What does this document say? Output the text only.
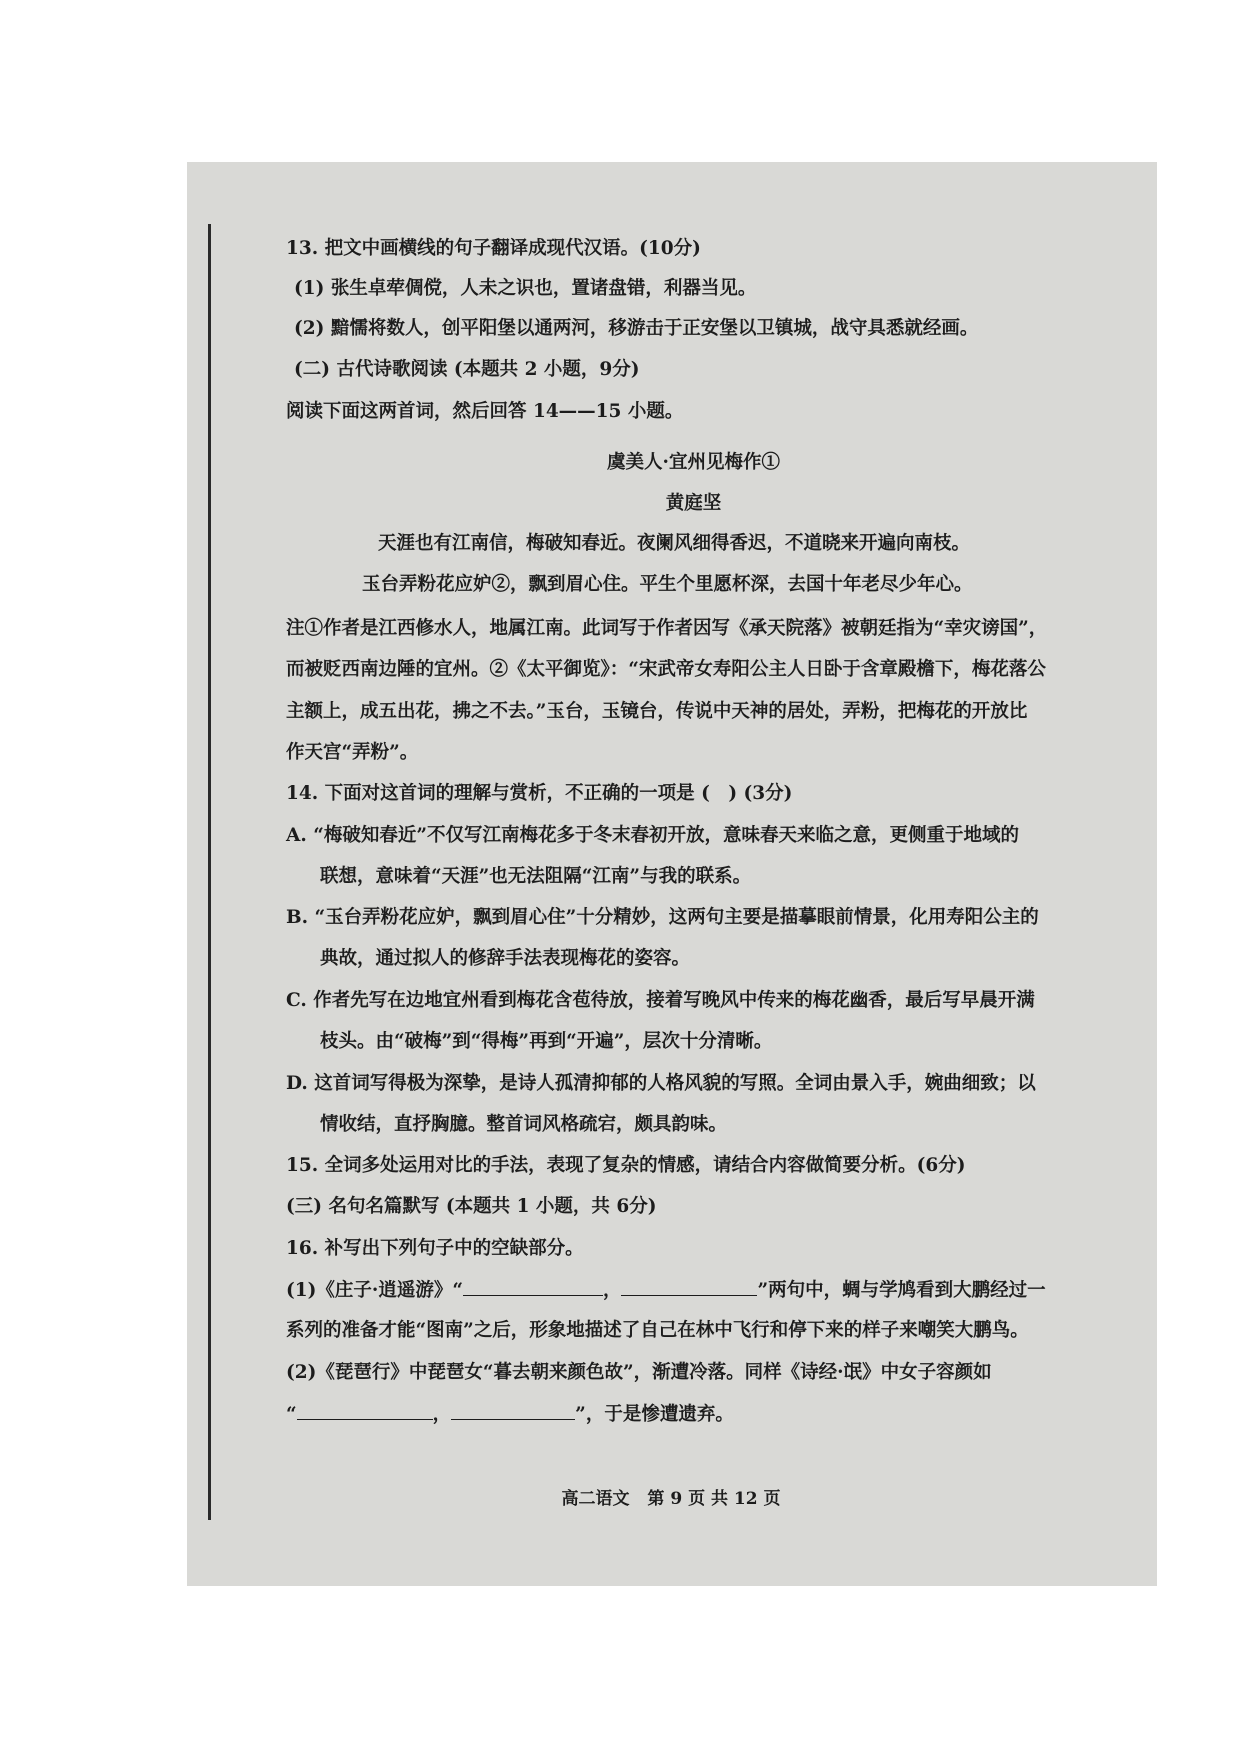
13. 把文中画横线的句子翻译成现代汉语。(10分)
(1) 张生卓荦倜傥，人未之识也，置诸盘错，利器当见。
(2) 黯懦将数人，创平阳堡以通两河，移游击于正安堡以卫镇城，战守具悉就经画。
(二) 古代诗歌阅读 (本题共 2 小题，9分)
阅读下面这两首词，然后回答 14——15 小题。
虞美人·宜州见梅作①
黄庭坚
天涯也有江南信，梅破知春近。夜阑风细得香迟，不道晓来开遍向南枝。
玉台弄粉花应妒②，飘到眉心住。平生个里愿杯深，去国十年老尽少年心。
注①作者是江西修水人，地属江南。此词写于作者因写《承天院落》被朝廷指为“幸灾谤国”，
而被贬西南边陲的宜州。②《太平御览》：“宋武帝女寿阳公主人日卧于含章殿檐下，梅花落公
主额上，成五出花，拂之不去。”玉台，玉镜台，传说中天神的居处，弄粉，把梅花的开放比
作天宫“弄粉”。
14. 下面对这首词的理解与赏析，不正确的一项是 (　) (3分)
A. “梅破知春近”不仅写江南梅花多于冬末春初开放，意味春天来临之意，更侧重于地域的
联想，意味着“天涯”也无法阻隔“江南”与我的联系。
B. “玉台弄粉花应妒，飘到眉心住”十分精妙，这两句主要是描摹眼前情景，化用寿阳公主的
典故，通过拟人的修辞手法表现梅花的姿容。
C. 作者先写在边地宜州看到梅花含苞待放，接着写晚风中传来的梅花幽香，最后写早晨开满
枝头。由“破梅”到“得梅”再到“开遍”，层次十分清晰。
D. 这首词写得极为深挚，是诗人孤清抑郁的人格风貌的写照。全词由景入手，婉曲细致；以
情收结，直抒胸臆。整首词风格疏宕，颇具韵味。
15. 全词多处运用对比的手法，表现了复杂的情感，请结合内容做简要分析。(6分)
(三) 名句名篇默写 (本题共 1 小题，共 6分)
16. 补写出下列句子中的空缺部分。
(1)《庄子·逍遥游》“	，	”两句中，蜩与学鸠看到大鹏经过一
系列的准备才能“图南”之后，形象地描述了自己在林中飞行和停下来的样子来嘲笑大鹏鸟。
(2)《琵琶行》中琵琶女“暮去朝来颜色故”，渐遭冷落。同样《诗经·氓》中女子容颜如
“	，	”，于是惨遭遗弃。
高二语文 第 9 页 共 12 页
